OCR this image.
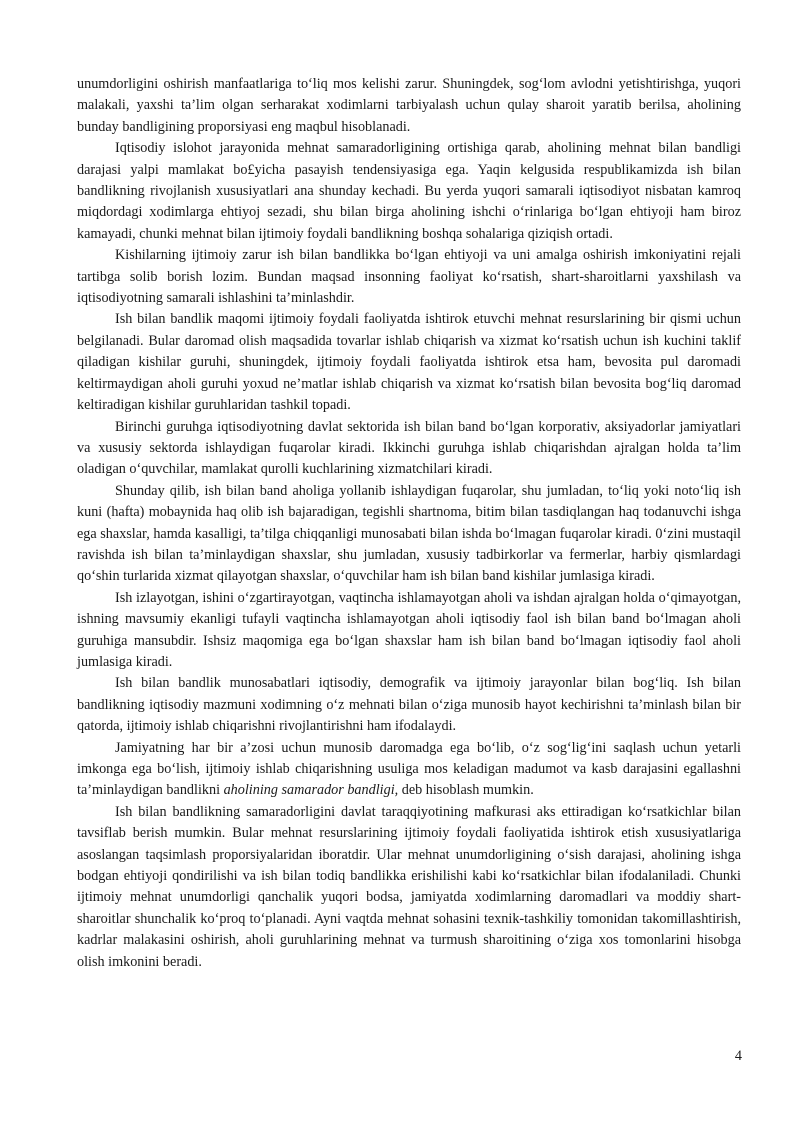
unumdorligini oshirish manfaatlariga to‘liq mos kelishi zarur. Shuningdek, sog‘lom avlodni yetishtirishga, yuqori malakali, yaxshi ta’lim olgan serharakat xodimlarni tarbiyalash uchun qulay sharoit yaratib berilsa, aholining bunday bandligining proporsiyasi eng maqbul hisoblanadi.

Iqtisodiy islohot jarayonida mehnat samaradorligining ortishiga qarab, aholining mehnat bilan bandligi darajasi yalpi mamlakat bo£yicha pasayish tendensiyasiga ega. Yaqin kelgusida respublikamizda ish bilan bandlikning rivojlanish xususiyatlari ana shunday kechadi. Bu yerda yuqori samarali iqtisodiyot nisbatan kamroq miqdordagi xodimlarga ehtiyoj sezadi, shu bilan birga aholining ishchi o‘rinlariga bo‘lgan ehtiyoji ham biroz kamayadi, chunki mehnat bilan ijtimoiy foydali bandlikning boshqa sohalariga qiziqish ortadi.

Kishilarning ijtimoiy zarur ish bilan bandlikka bo‘lgan ehtiyoji va uni amalga oshirish imkoniyatini rejali tartibga solib borish lozim. Bundan maqsad insonning faoliyat ko‘rsatish, shart-sharoitlarni yaxshilash va iqtisodiyotning samarali ishlashini ta’minlashdir.

Ish bilan bandlik maqomi ijtimoiy foydali faoliyatda ishtirok etuvchi mehnat resurslarining bir qismi uchun belgilanadi. Bular daromad olish maqsadida tovarlar ishlab chiqarish va xizmat ko‘rsatish uchun ish kuchini taklif qiladigan kishilar guruhi, shuningdek, ijtimoiy foydali faoliyatda ishtirok etsa ham, bevosita pul daromadi keltirmaydigan aholi guruhi yoxud ne’matlar ishlab chiqarish va xizmat ko‘rsatish bilan bevosita bog‘liq daromad keltiradigan kishilar guruhlaridan tashkil topadi.

Birinchi guruhga iqtisodiyotning davlat sektorida ish bilan band bo‘lgan korporativ, aksiyadorlar jamiyatlari va xususiy sektorda ishlaydigan fuqarolar kiradi. Ikkinchi guruhga ishlab chiqarishdan ajralgan holda ta’lim oladigan o‘quvchilar, mamlakat qurolli kuchlarining xizmatchilari kiradi.

Shunday qilib, ish bilan band aholiga yollanib ishlaydigan fuqarolar, shu jumladan, to‘liq yoki noto‘liq ish kuni (hafta) mobaynida haq olib ish bajaradigan, tegishli shartnoma, bitim bilan tasdiqlangan haq todanuvchi ishga ega shaxslar, hamda kasalligi, ta’tilga chiqqanligi munosabati bilan ishda bo‘lmagan fuqarolar kiradi. 0‘zini mustaqil ravishda ish bilan ta’minlaydigan shaxslar, shu jumladan, xususiy tadbirkorlar va fermerlar, harbiy qismlardagi qo‘shin turlarida xizmat qilayotgan shaxslar, o‘quvchilar ham ish bilan band kishilar jumlasiga kiradi.

Ish izlayotgan, ishini o‘zgartirayotgan, vaqtincha ishlamayotgan aholi va ishdan ajralgan holda o‘qimayotgan, ishning mavsumiy ekanligi tufayli vaqtincha ishlamayotgan aholi iqtisodiy faol ish bilan band bo‘lmagan aholi guruhiga mansubdir. Ishsiz maqomiga ega bo‘lgan shaxslar ham ish bilan band bo‘lmagan iqtisodiy faol aholi jumlasiga kiradi.

Ish bilan bandlik munosabatlari iqtisodiy, demografik va ijtimoiy jarayonlar bilan bog‘liq. Ish bilan bandlikning iqtisodiy mazmuni xodimning o‘z mehnati bilan o‘ziga munosib hayot kechirishni ta’minlash bilan bir qatorda, ijtimoiy ishlab chiqarishni rivojlantirishni ham ifodalaydi.

Jamiyatning har bir a’zosi uchun munosib daromadga ega bo‘lib, o‘z sog‘lig‘ini saqlash uchun yetarli imkonga ega bo‘lish, ijtimoiy ishlab chiqarishning usuliga mos keladigan madumot va kasb darajasini egallashni ta’minlaydigan bandlikni aholining samarador bandligi, deb hisoblash mumkin.

Ish bilan bandlikning samaradorligini davlat taraqqiyotining mafkurasi aks ettiradigan ko‘rsatkichlar bilan tavsiflab berish mumkin. Bular mehnat resurslarining ijtimoiy foydali faoliyatida ishtirok etish xususiyatlariga asoslangan taqsimlash proporsiyalaridan iboratdir. Ular mehnat unumdorligining o‘sish darajasi, aholining ishga bodgan ehtiyoji qondirilishi va ish bilan todiq bandlikka erishilishi kabi ko‘rsatkichlar bilan ifodalaniladi. Chunki ijtimoiy mehnat unumdorligi qanchalik yuqori bodsa, jamiyatda xodimlarning daromadlari va moddiy shart-sharoitlar shunchalik ko‘proq to‘planadi. Ayni vaqtda mehnat sohasini texnik-tashkiliy tomonidan takomillashtirish, kadrlar malakasini oshirish, aholi guruhlarining mehnat va turmush sharoitining o‘ziga xos tomonlarini hisobga olish imkonini beradi.

4
